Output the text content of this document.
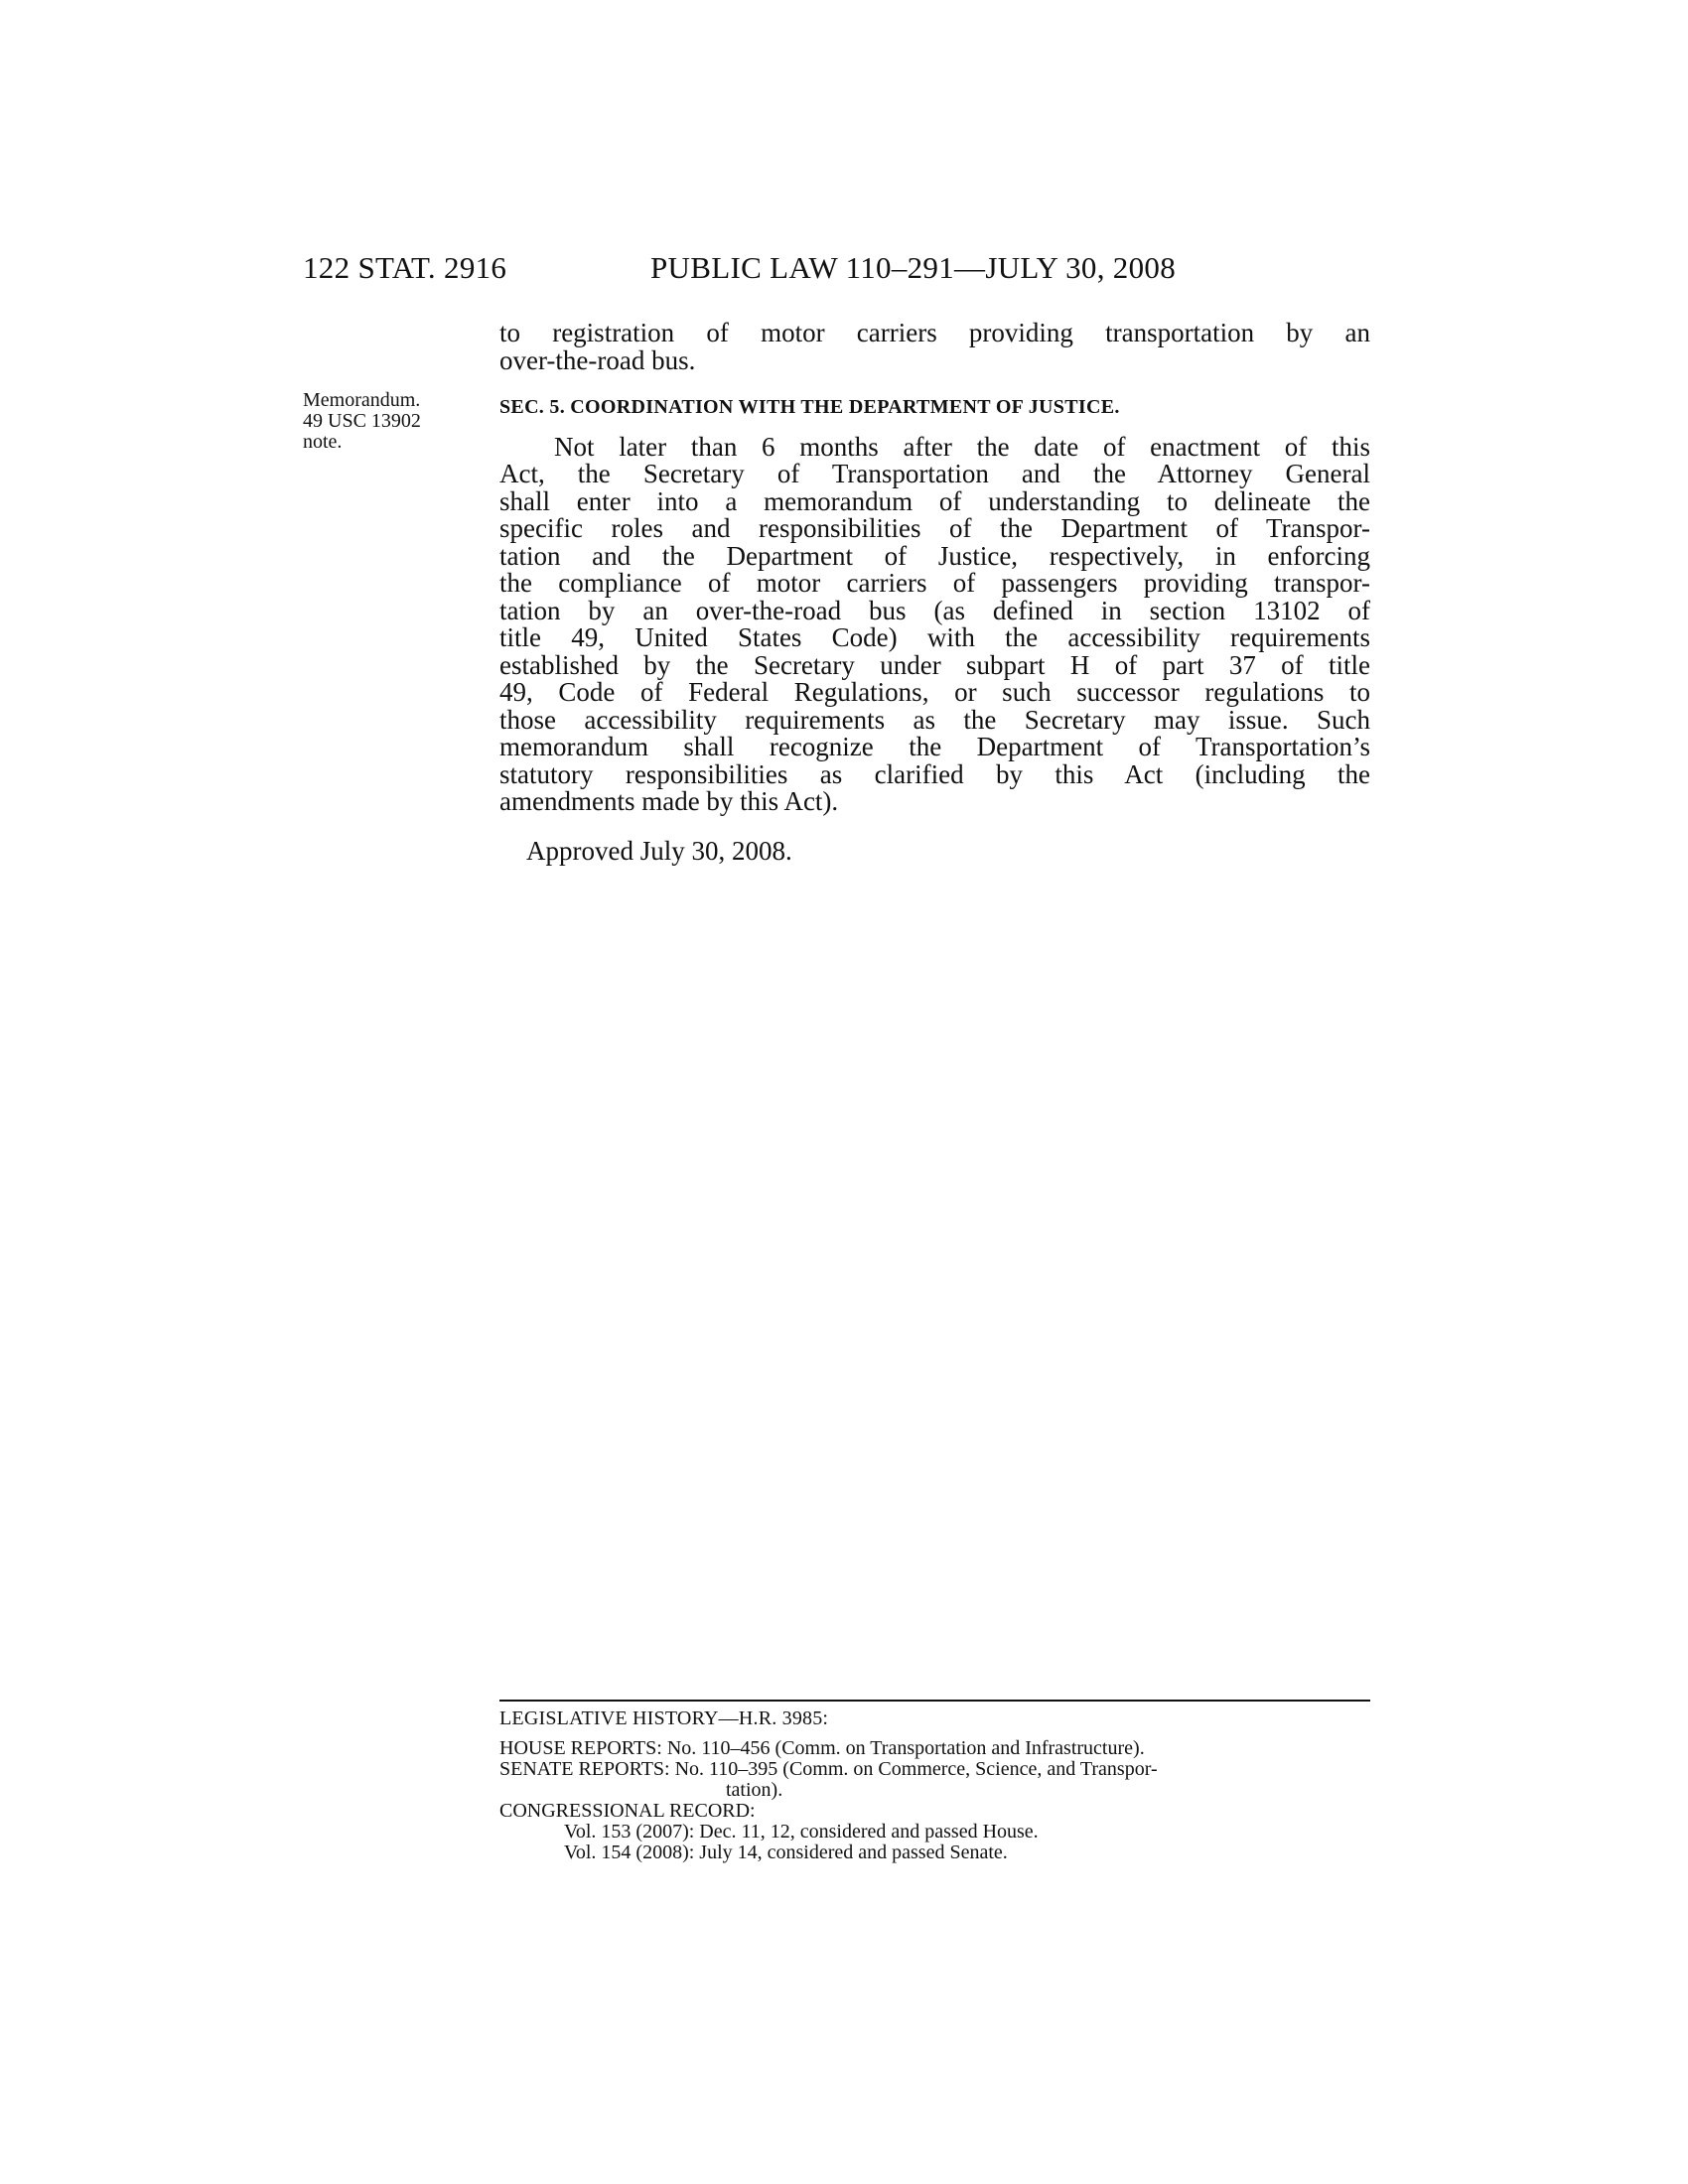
122 STAT. 2916	PUBLIC LAW 110–291—JULY 30, 2008
Memorandum.
49 USC 13902
note.
to registration of motor carriers providing transportation by an
over-the-road bus.
SEC. 5. COORDINATION WITH THE DEPARTMENT OF JUSTICE.
Not later than 6 months after the date of enactment of this
Act, the Secretary of Transportation and the Attorney General
shall enter into a memorandum of understanding to delineate the
specific roles and responsibilities of the Department of Transpor-
tation and the Department of Justice, respectively, in enforcing
the compliance of motor carriers of passengers providing transpor-
tation by an over-the-road bus (as defined in section 13102 of
title 49, United States Code) with the accessibility requirements
established by the Secretary under subpart H of part 37 of title
49, Code of Federal Regulations, or such successor regulations to
those accessibility requirements as the Secretary may issue. Such
memorandum shall recognize the Department of Transportation’s
statutory responsibilities as clarified by this Act (including the
amendments made by this Act).
Approved July 30, 2008.
LEGISLATIVE HISTORY—H.R. 3985:
HOUSE REPORTS: No. 110–456 (Comm. on Transportation and Infrastructure).
SENATE REPORTS: No. 110–395 (Comm. on Commerce, Science, and Transpor-
tation).
CONGRESSIONAL RECORD:
Vol. 153 (2007): Dec. 11, 12, considered and passed House.
Vol. 154 (2008): July 14, considered and passed Senate.
